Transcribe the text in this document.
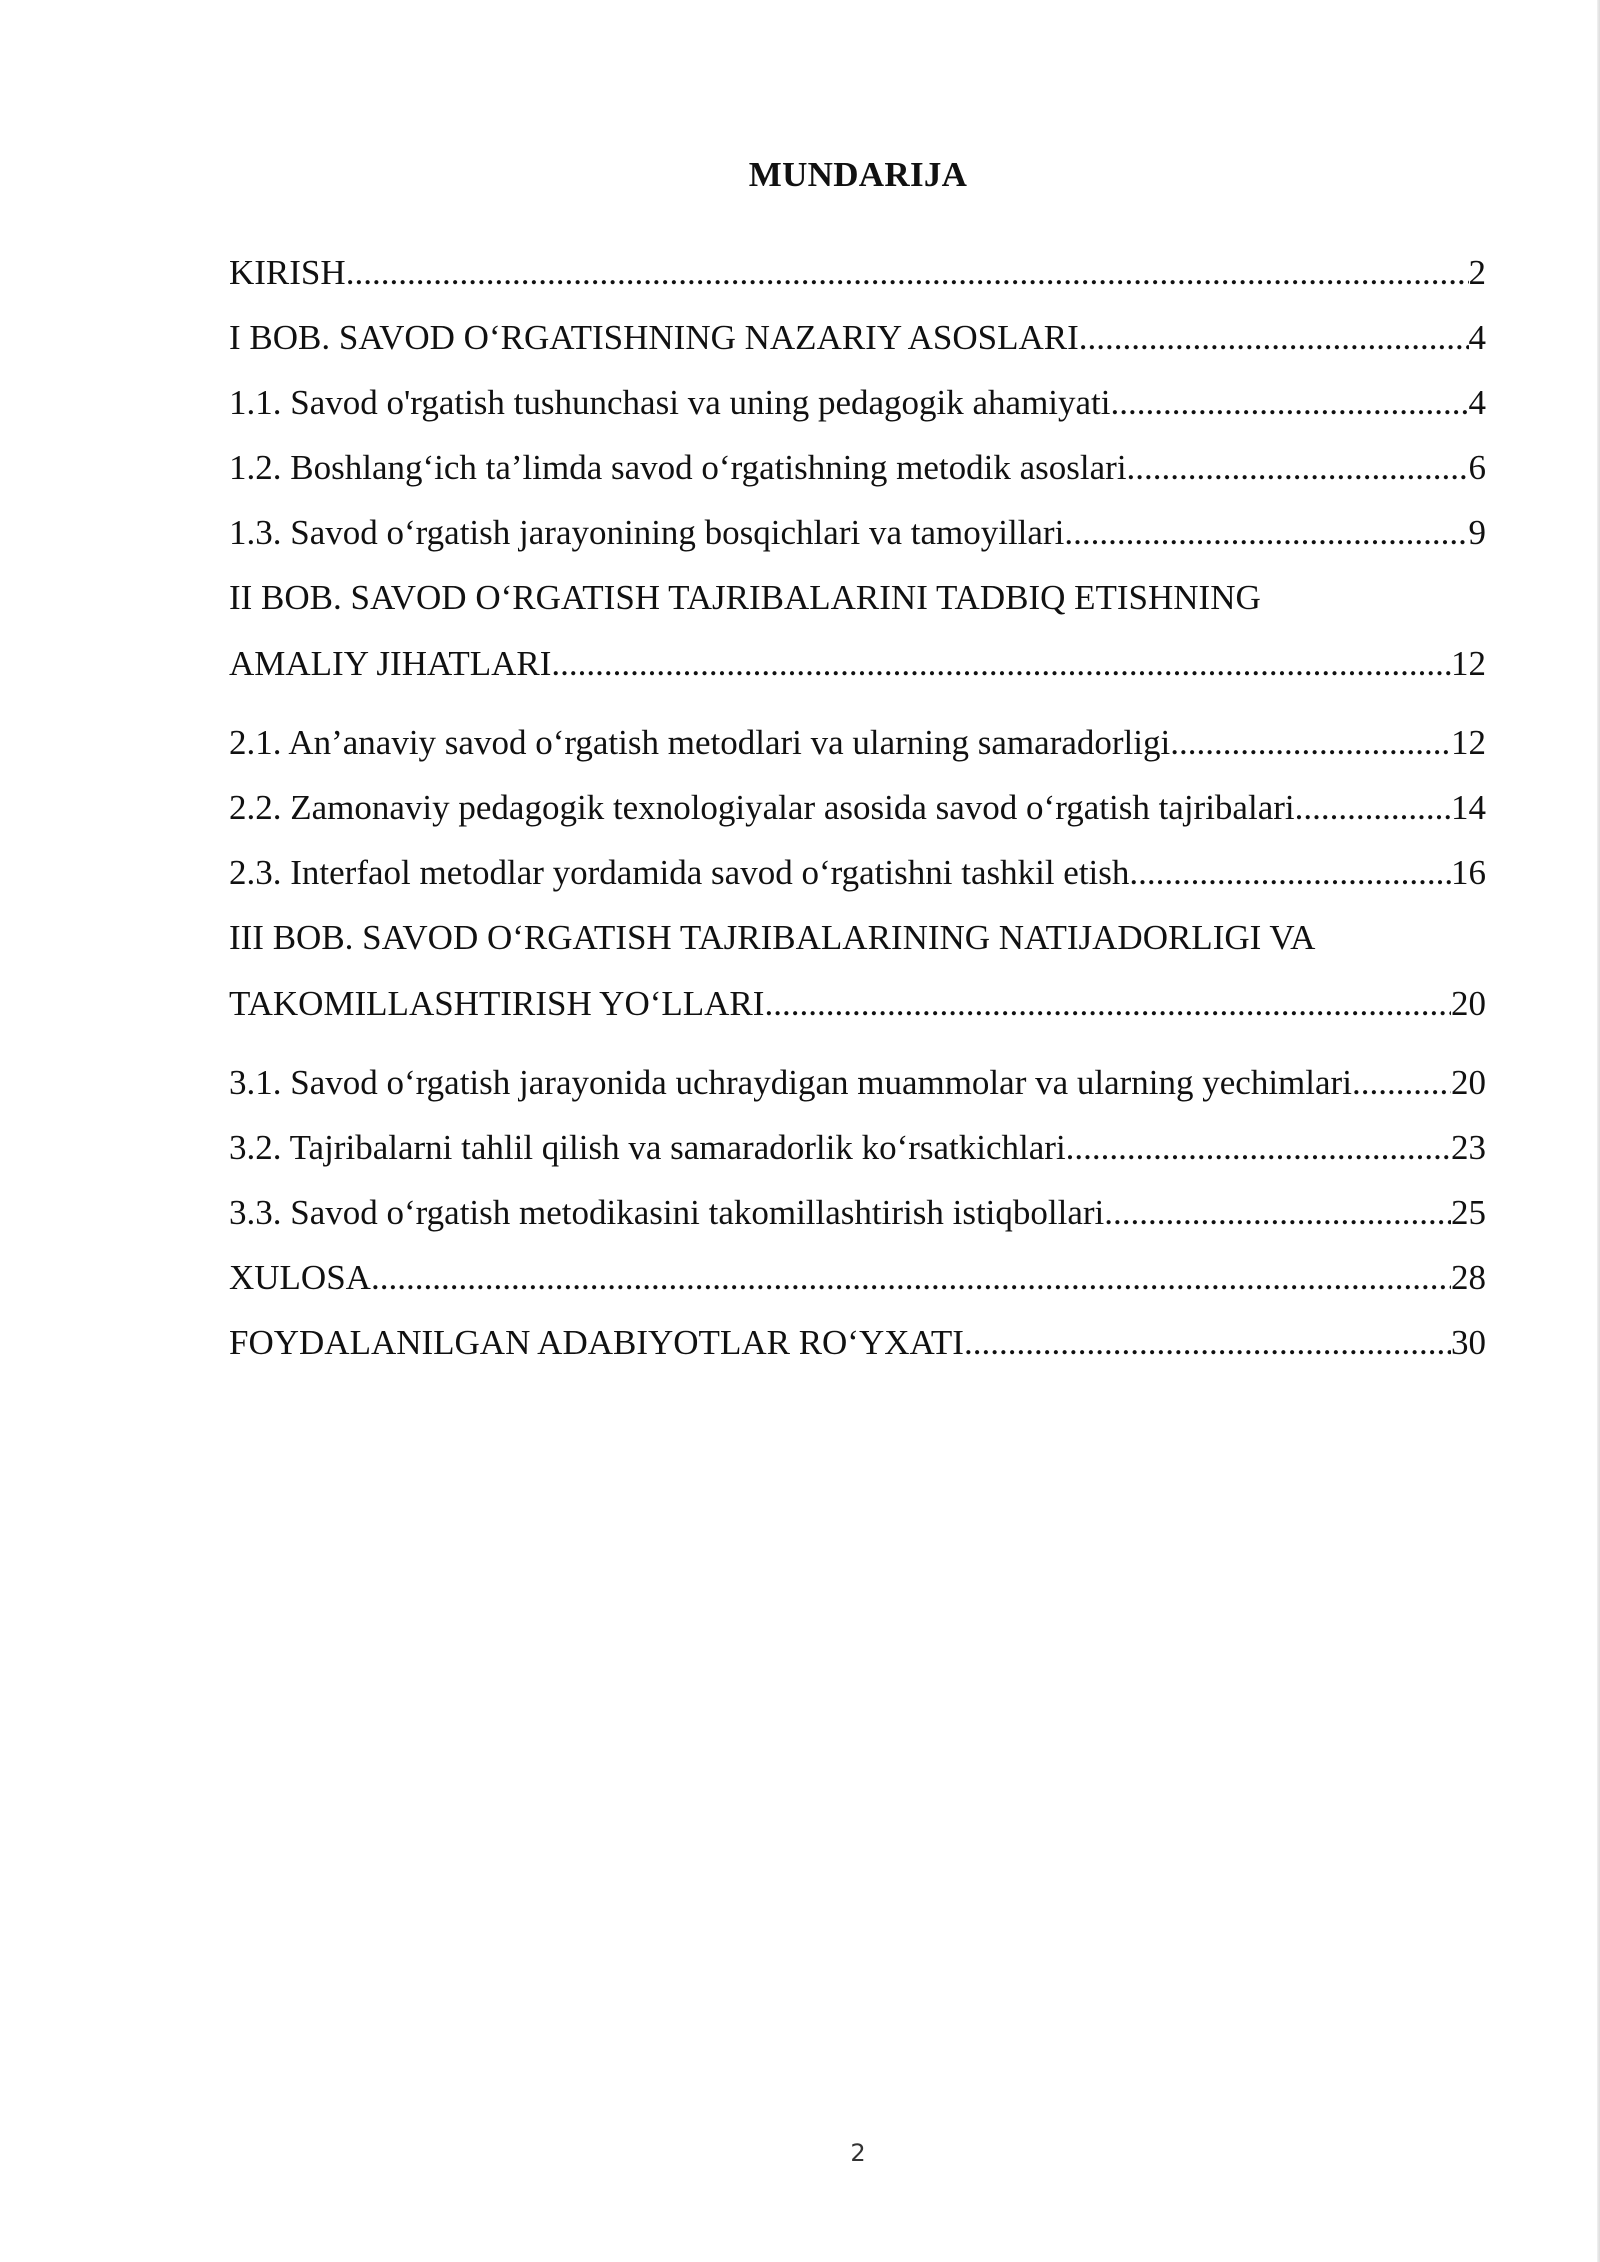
MUNDARIJA
KIRISH .....	2
I BOB. SAVOD O‘RGATISHNING NAZARIY ASOSLARI .....	4
1.1. Savod o'rgatish tushunchasi va uning pedagogik ahamiyati .....	4
1.2. Boshlang‘ich ta’limda savod o‘rgatishning metodik asoslari .....	6
1.3. Savod o‘rgatish jarayonining bosqichlari va tamoyillari .....	9
II BOB. SAVOD O‘RGATISH TAJRIBALARINI TADBIQ ETISHNING
AMALIY JIHATLARI .....	12
2.1. An’anaviy savod o‘rgatish metodlari va ularning samaradorligi .....	12
2.2. Zamonaviy pedagogik texnologiyalar asosida savod o‘rgatish tajribalari .....	14
2.3. Interfaol metodlar yordamida savod o‘rgatishni tashkil etish .....	16
III BOB. SAVOD O‘RGATISH TAJRIBALARINING NATIJADORLIGI VA
TAKOMILLASHTIRISH YO‘LLARI .....	20
3.1. Savod o‘rgatish jarayonida uchraydigan muammolar va ularning yechimlari .....	20
3.2. Tajribalarni tahlil qilish va samaradorlik ko‘rsatkichlari .....	23
3.3. Savod o‘rgatish metodikasini takomillashtirish istiqbollari .....	25
XULOSA .....	28
FOYDALANILGAN ADABIYOTLAR RO‘YXATI .....	30
2
